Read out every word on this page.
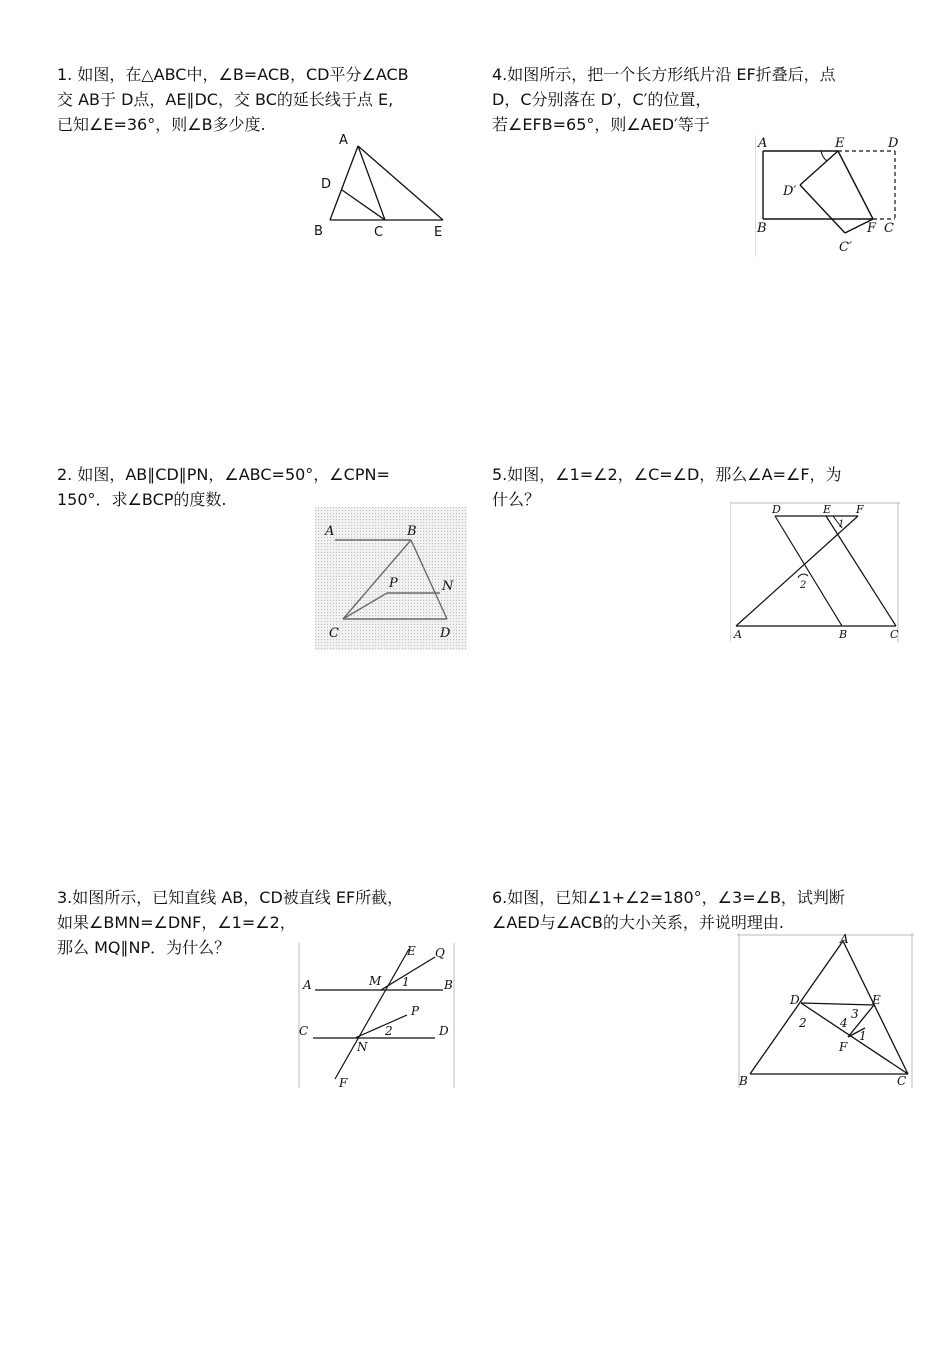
1. 如图，在△ABC中，∠B=ACB，CD平分∠ACB
交 AB于 D点，AE∥DC，交 BC的延长线于点 E,
已知∠E=36°，则∠B多少度.
A
D
B	C	E
4.如图所示，把一个长方形纸片沿 EF折叠后，点
D，C分别落在 D′，C′的位置，
若∠EFB=65°，则∠AED′等于
A	E	D
D′
B	F C
C′
2. 如图，AB∥CD∥PN，∠ABC=50°，∠CPN=
150°．求∠BCP的度数.
A	B
P	N
C	D
5.如图，∠1=∠2，∠C=∠D，那么∠A=∠F，为
什么？
D	E F
1
2
A	B	C
3.如图所示，已知直线 AB，CD被直线 EF所截，
如果∠BMN=∠DNF，∠1=∠2，
那么 MQ∥NP．为什么？	E Q
A	M 1	B
P
C	2	D
N
F
6.如图，已知∠1+∠2=180°，∠3=∠B，试判断
∠AED与∠ACB的大小关系，并说明理由.
A
D	E
2
3
4
F
1
B	C
